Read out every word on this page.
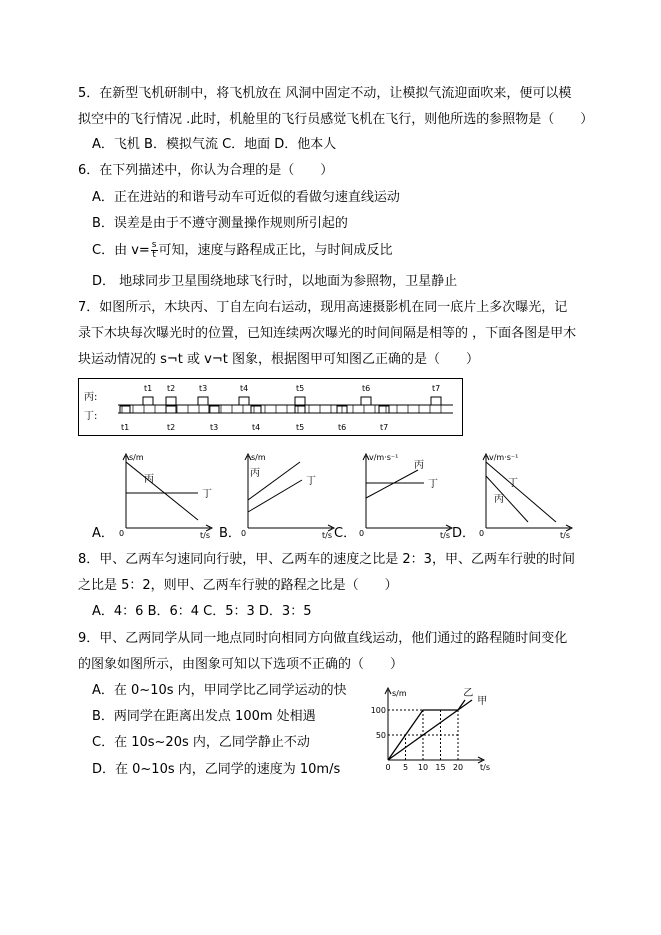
5．在新型飞机研制中，将飞机放在 风洞中固定不动，让模拟气流迎面吹来，便可以模
拟空中的飞行情况 .此时，机舱里的飞行员感觉飞机在飞行，则他所选的参照物是（　　）
A．飞机 B．模拟气流 C．地面 D．他本人
6．在下列描述中，你认为合理的是（　　）
A．正在进站的和谐号动车可近似的看做匀速直线运动
B．误差是由于不遵守测量操作规则所引起的
C．由 $v= \frac{s}{t}$ 可知，速度与路程成正比，与时间成反比
D． 地球同步卫星围绕地球飞行时，以地面为参照物，卫星静止
7．如图所示，木块丙、丁自左向右运动，现用高速摄影机在同一底片上多次曝光，记
录下木块每次曝光时的位置，已知连续两次曝光的时间间隔是相等的 ，下面各图是甲木
块运动情况的 s¬t 或 v¬t 图象，根据图甲可知图乙正确的是（　　）
丙:
丁:
t1 t2	t3	t4	t5	t6	t7
t1	t2	t3	t4	t5	t6	t7
A．
s/m
t/s
0
丙
丁
B．
s/m
t/s
0
丙
丁
C．
v/m·s⁻¹
t/s
0
丙
丁
D．
v/m·s⁻¹
t/s
0
丁
丙
8．甲、乙两车匀速同向行驶，甲、乙两车的速度之比是 2：3，甲、乙两车行驶的时间
之比是 5：2，则甲、乙两车行驶的路程之比是（　　）
A．4：6 B．6：4 C．5：3 D．3：5
9．甲、乙两同学从同一地点同时向相同方向做直线运动，他们通过的路程随时间变化
的图象如图所示，由图象可知以下选项不正确的（　　）
A．在 0~10s 内，甲同学比乙同学运动的快
B．两同学在距离出发点 100m 处相遇
C．在 10s~20s 内，乙同学静止不动
D．在 0~10s 内，乙同学的速度为 10m/s
s/m
t/s
100
50
0 5 10 15 20
乙
甲
